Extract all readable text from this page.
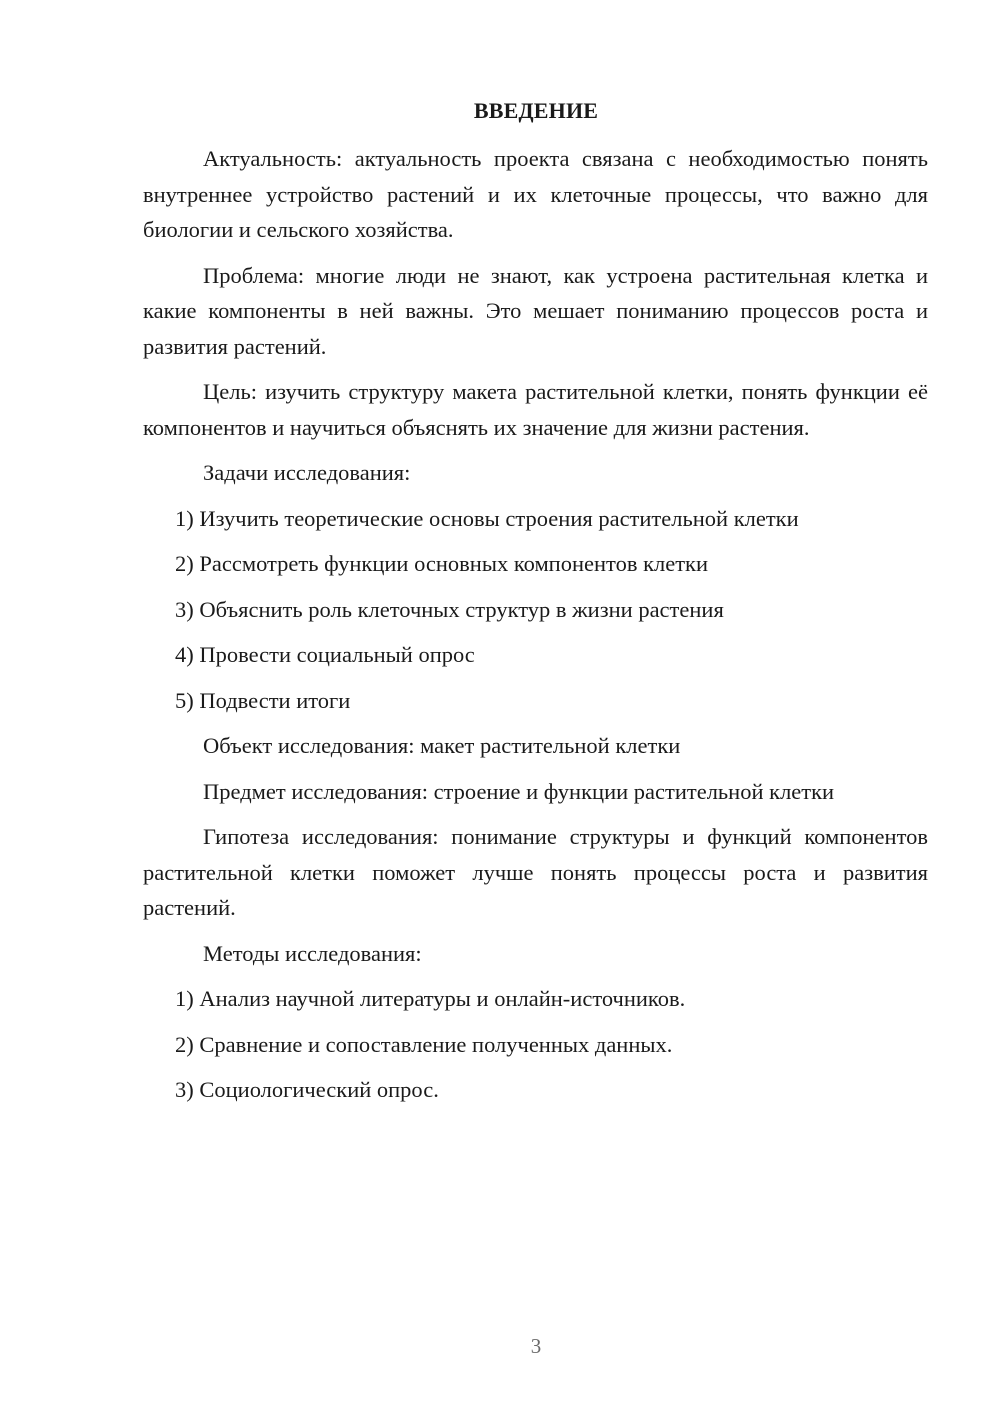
ВВЕДЕНИЕ

Актуальность: актуальность проекта связана с необходимостью понять внутреннее устройство растений и их клеточные процессы, что важно для биологии и сельского хозяйства.

Проблема: многие люди не знают, как устроена растительная клетка и какие компоненты в ней важны. Это мешает пониманию процессов роста и развития растений.

Цель: изучить структуру макета растительной клетки, понять функции её компонентов и научиться объяснять их значение для жизни растения.

Задачи исследования:

1) Изучить теоретические основы строения растительной клетки

2) Рассмотреть функции основных компонентов клетки

3) Объяснить роль клеточных структур в жизни растения

4) Провести социальный опрос

5) Подвести итоги

Объект исследования: макет растительной клетки

Предмет исследования: строение и функции растительной клетки

Гипотеза исследования: понимание структуры и функций компонентов растительной клетки поможет лучше понять процессы роста и развития растений.

Методы исследования:

1) Анализ научной литературы и онлайн-источников.

2) Сравнение и сопоставление полученных данных.

3) Социологический опрос.

3
